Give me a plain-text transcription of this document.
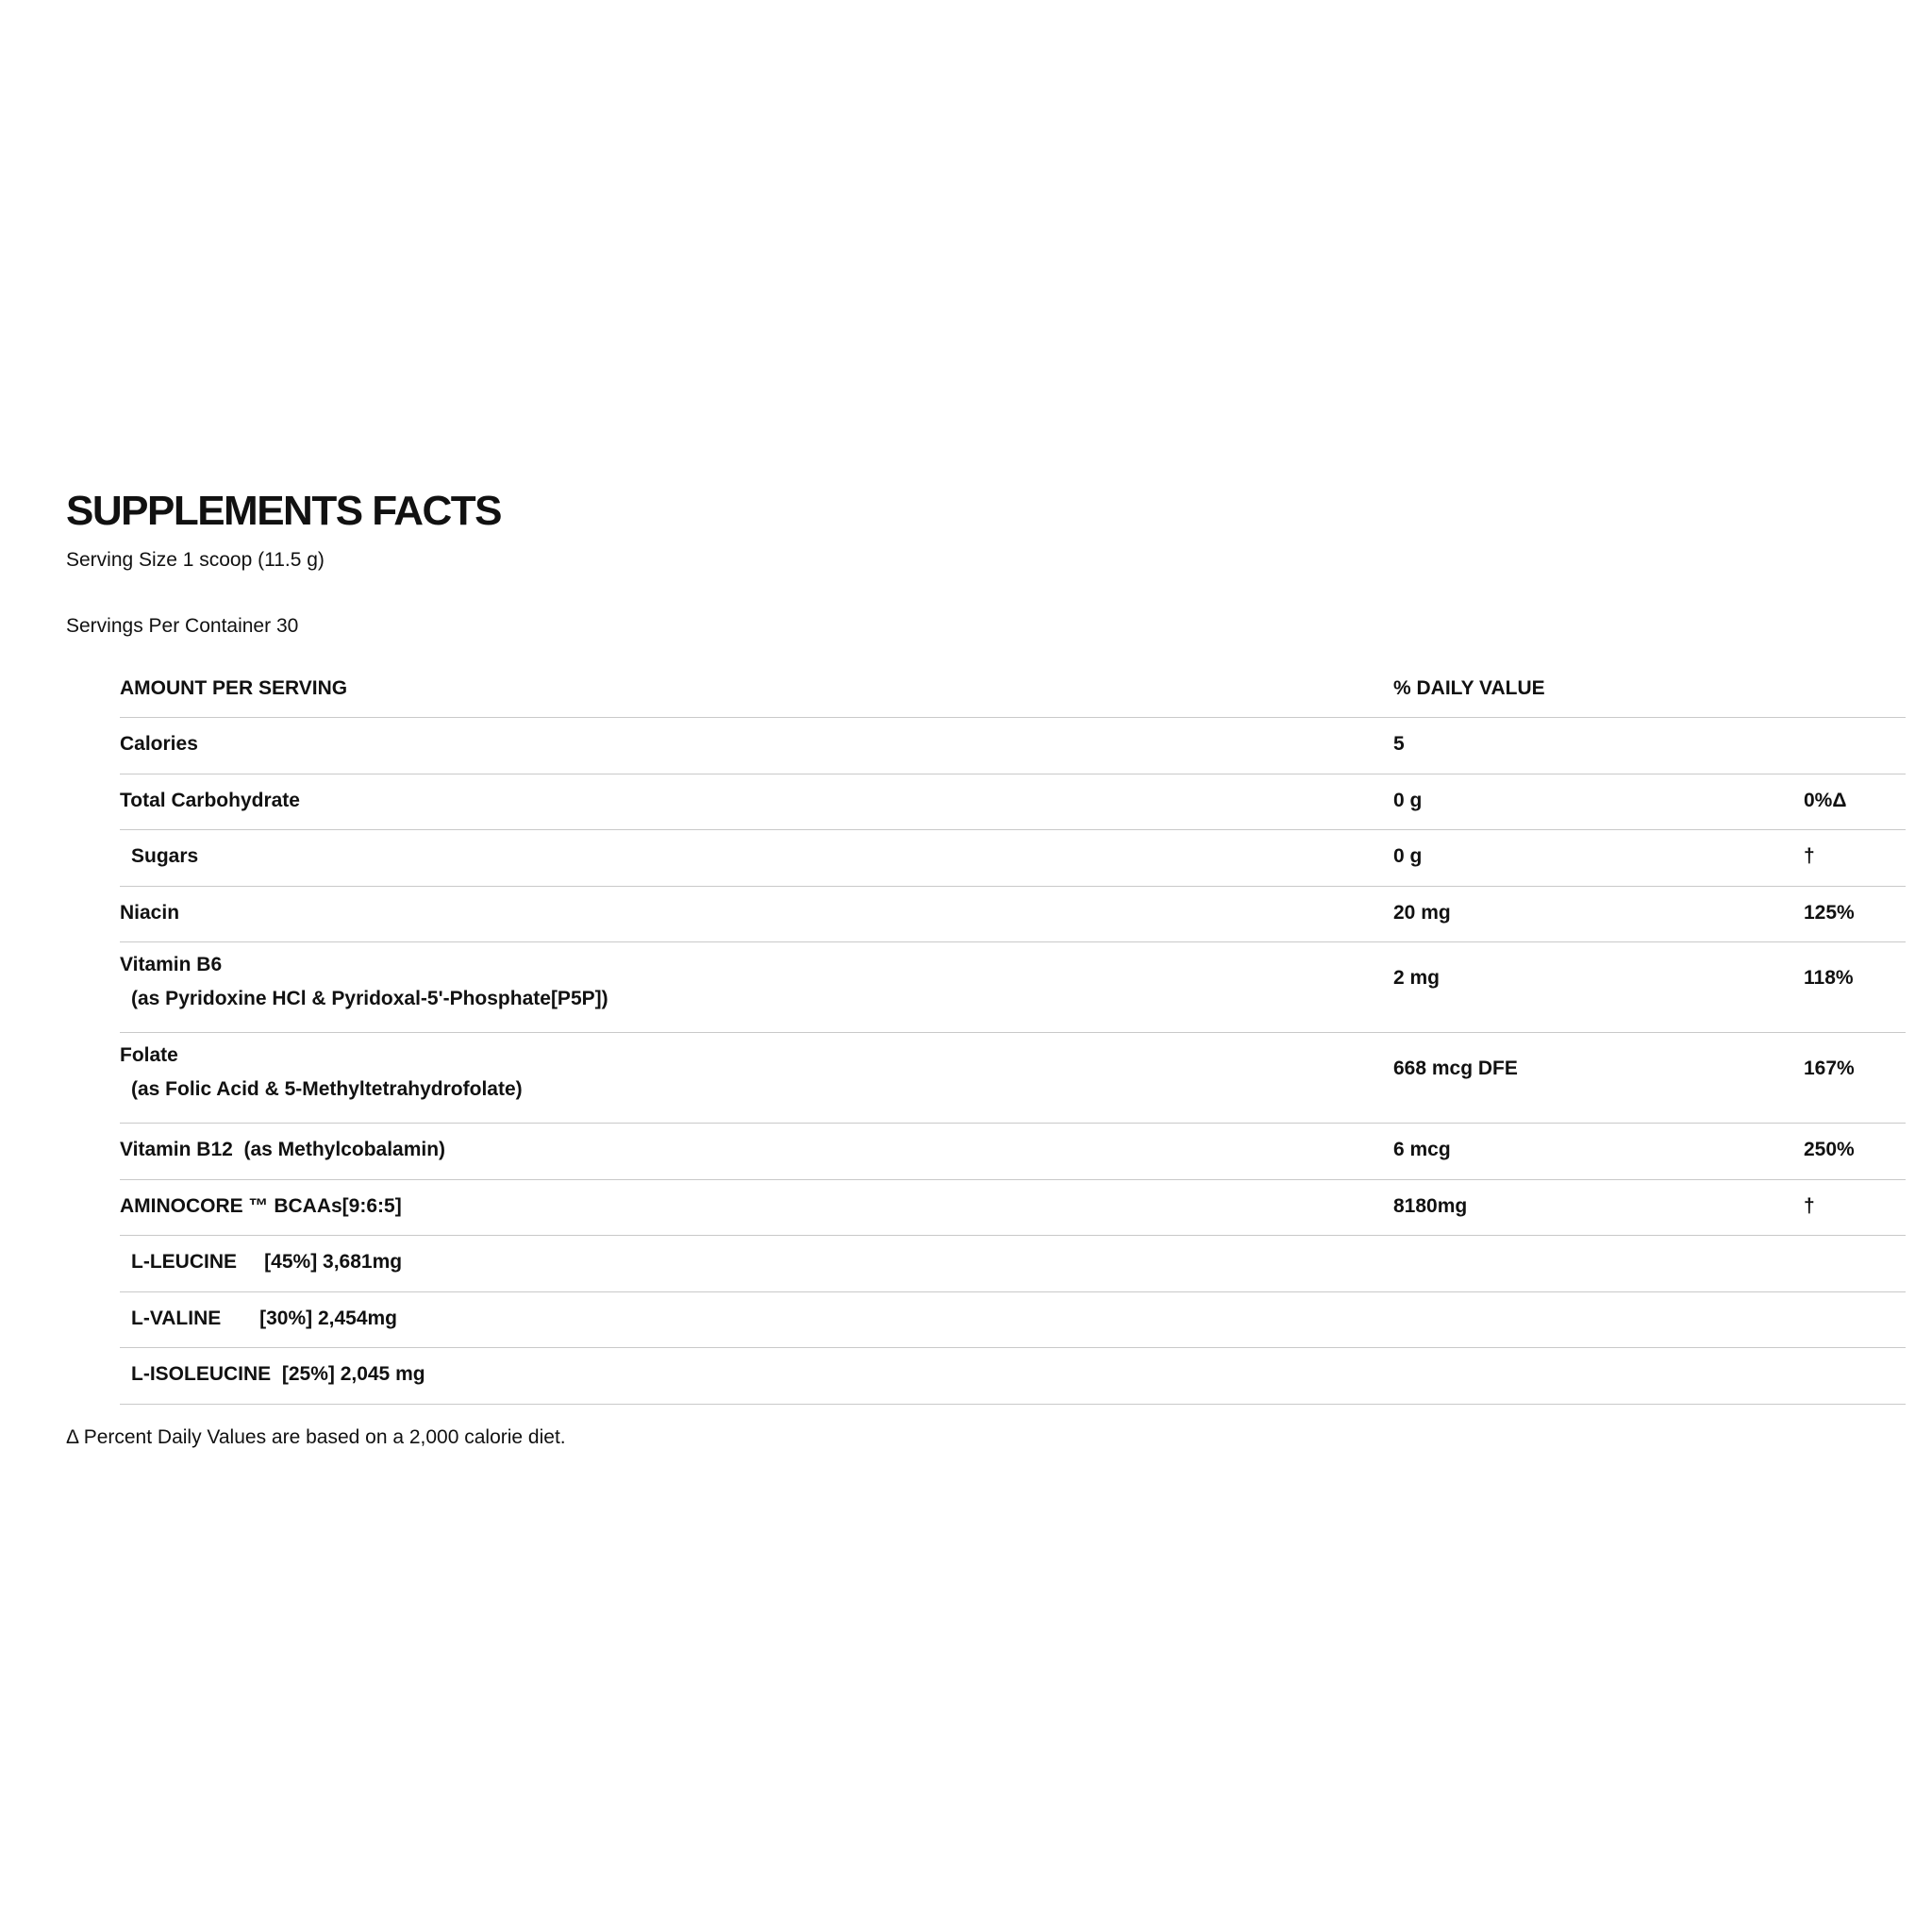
SUPPLEMENTS FACTS

Serving Size 1 scoop (11.5 g)

Servings Per Container 30

AMOUNT PER SERVING	% DAILY VALUE
Calories	5
Total Carbohydrate	0 g	0%Δ
Sugars	0 g	†
Niacin	20 mg	125%
Vitamin B6
(as Pyridoxine HCl & Pyridoxal-5'-Phosphate[P5P])
2 mg	118%
Folate
(as Folic Acid & 5-Methyltetrahydrofolate)
668 mcg DFE	167%
Vitamin B12  (as Methylcobalamin)	6 mcg	250%
AMINOCORE ™ BCAAs[9:6:5]	8180mg	†
L-LEUCINE     [45%] 3,681mg
L-VALINE       [30%] 2,454mg
L-ISOLEUCINE  [25%] 2,045 mg

Δ Percent Daily Values are based on a 2,000 calorie diet.
